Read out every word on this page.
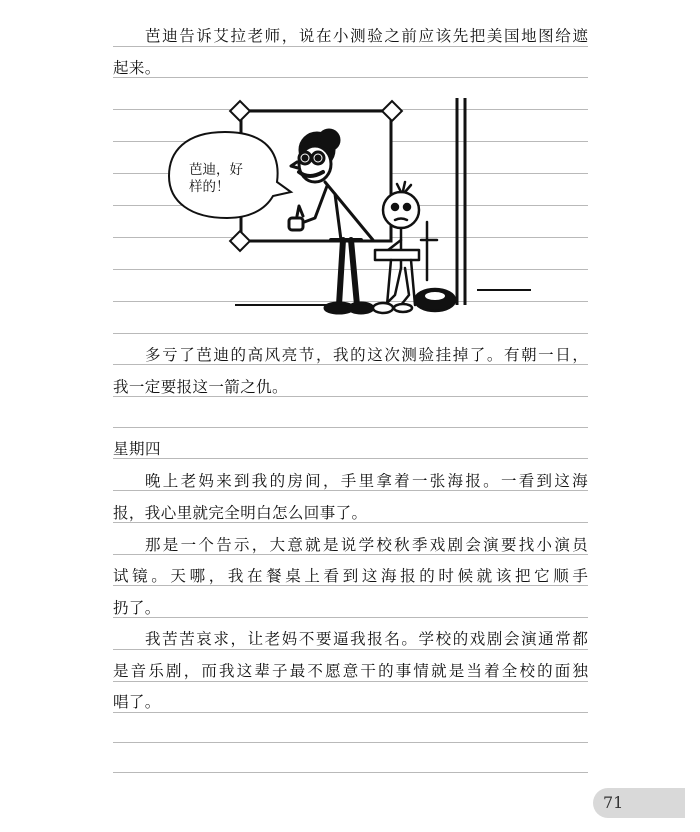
芭 迪 告 诉 艾 拉 老 师 ， 说 在 小 测 验 之 前 应 该 先 把 美 国 地 图 给 遮
起来。
芭迪，好
样的！
多 亏 了 芭 迪 的 高 风 亮 节 ， 我 的 这 次 测 验 挂 掉 了 。 有 朝 一 日 ，
我一定要报这一箭之仇。
星期四
晚 上 老 妈 来 到 我 的 房 间 ， 手 里 拿 着 一 张 海 报 。 一 看 到 这 海
报，我心里就完全明白怎么回事了。
那 是 一 个 告 示 ， 大 意 就 是 说 学 校 秋 季 戏 剧 会 演 要 找 小 演 员
试 镜 。 天 哪 ， 我 在 餐 桌 上 看 到 这 海 报 的 时 候 就 该 把 它 顺 手
扔了。
我 苦 苦 哀 求 ， 让 老 妈 不 要 逼 我 报 名 。 学 校 的 戏 剧 会 演 通 常 都
是 音 乐 剧 ， 而 我 这 辈 子 最 不 愿 意 干 的 事 情 就 是 当 着 全 校 的 面 独
唱了。
71
